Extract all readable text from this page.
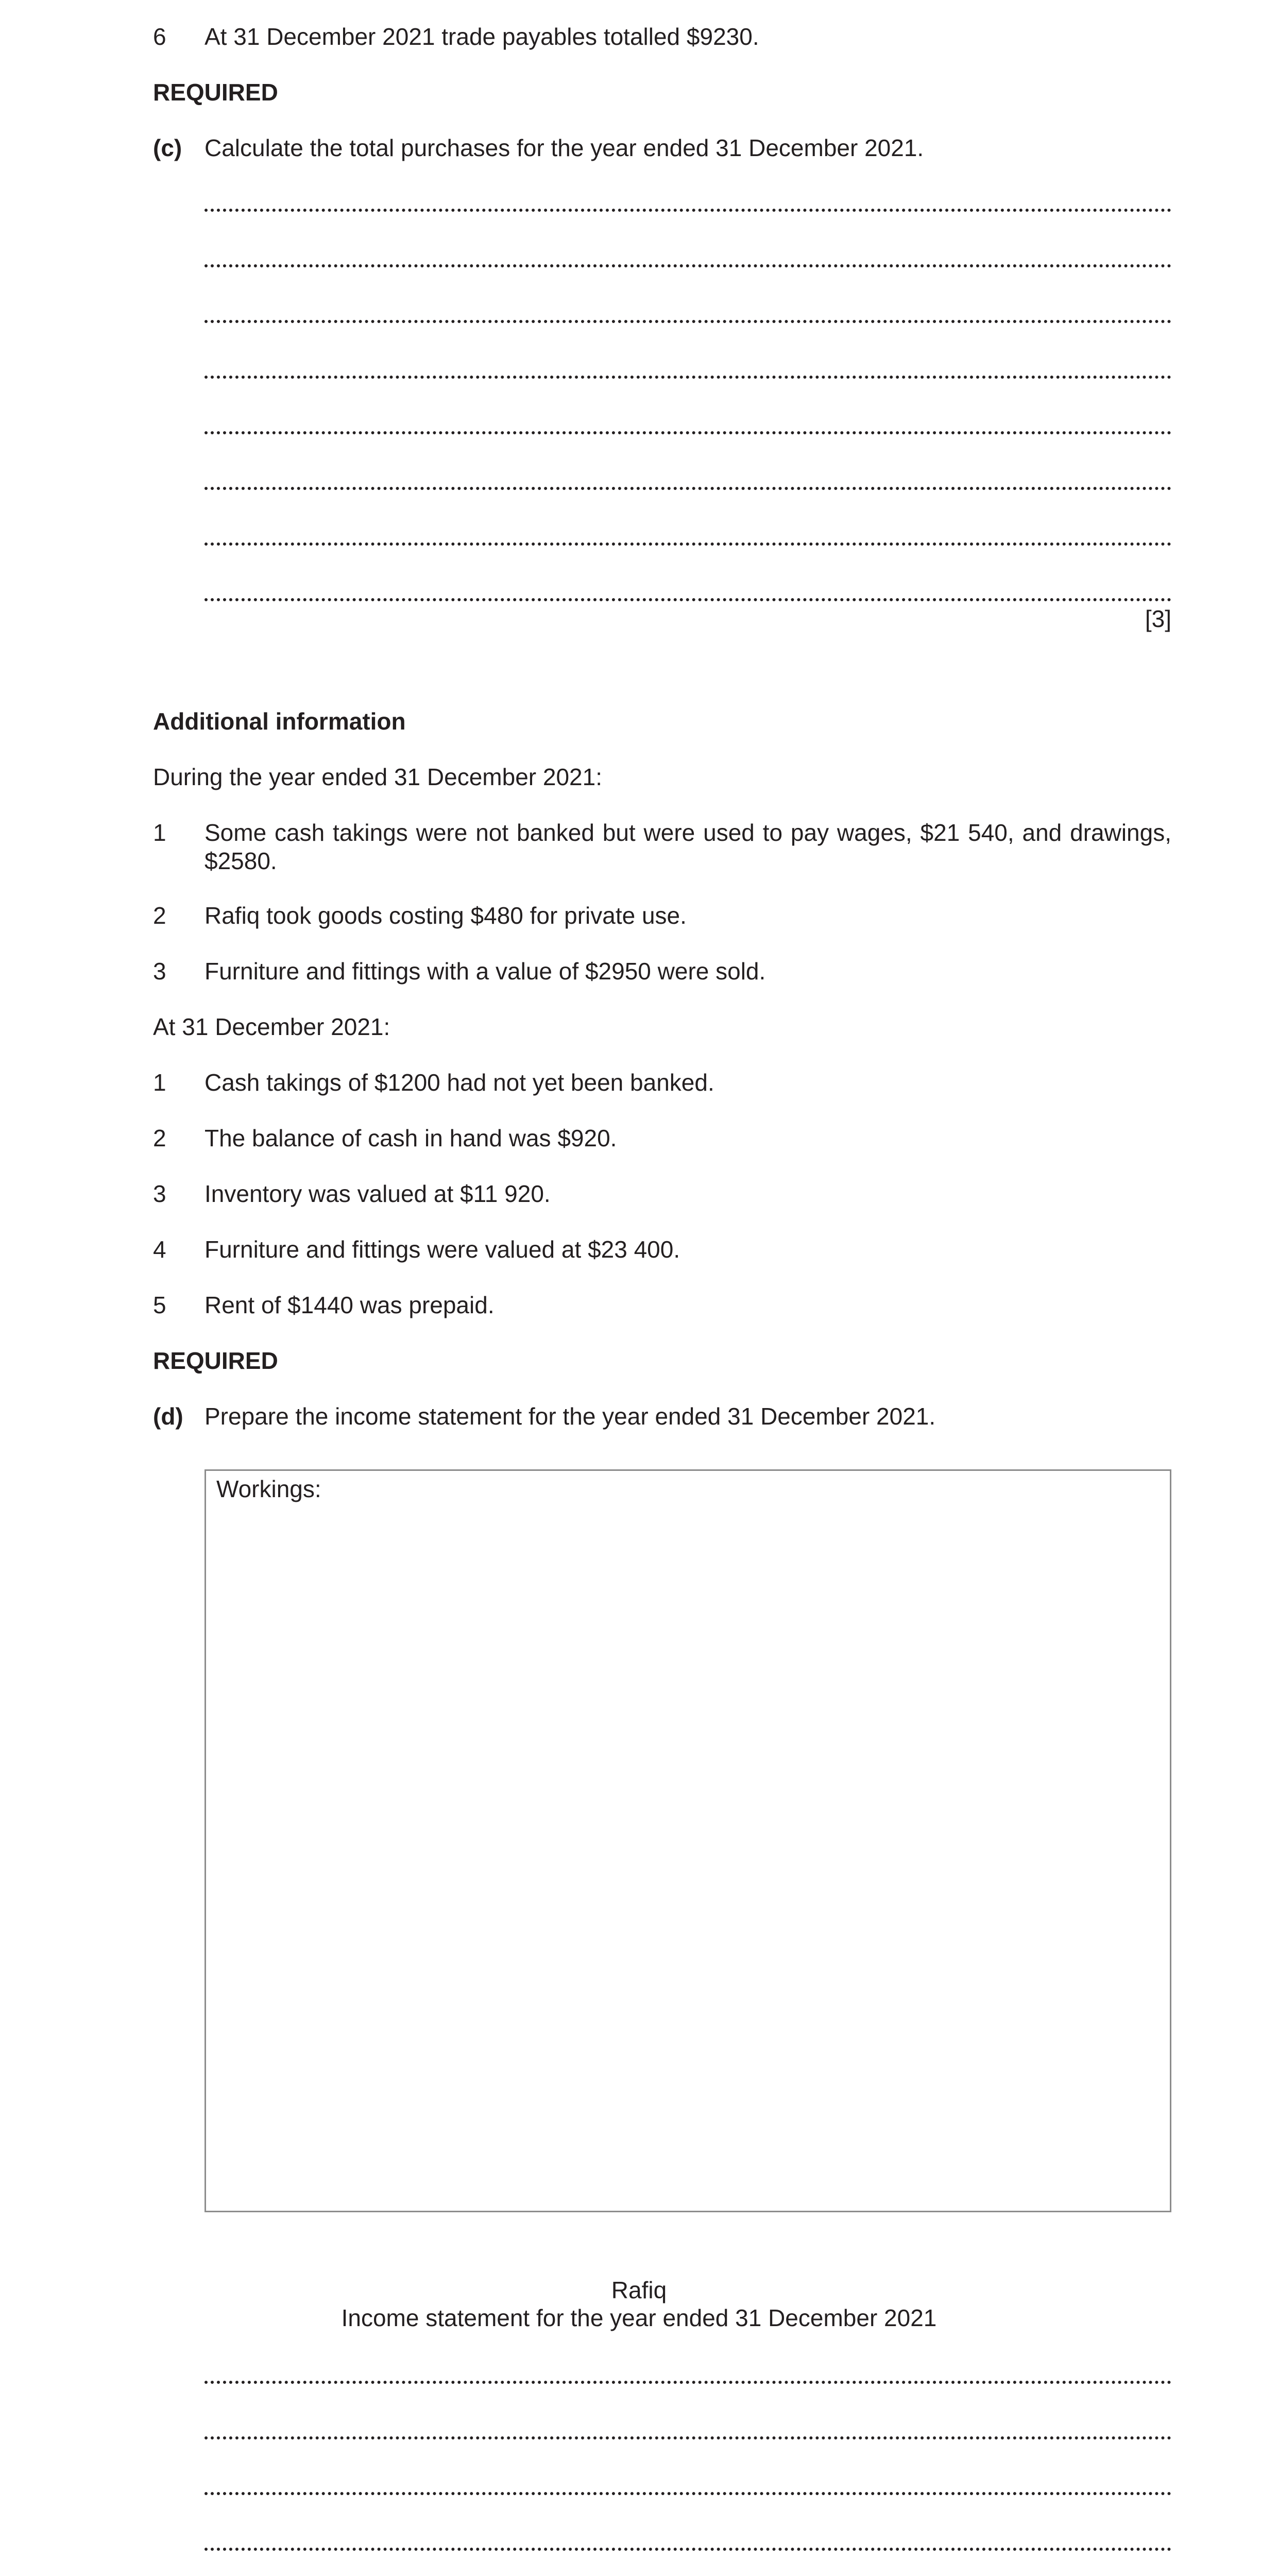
6 At 31 December 2021 trade payables totalled $9230.
REQUIRED
(c) Calculate the total purchases for the year ended 31 December 2021.
[3]
Additional information
During the year ended 31 December 2021:
1 Some cash takings were not banked but were used to pay wages, $21 540, and drawings, $2580.
2 Rafiq took goods costing $480 for private use.
3 Furniture and fittings with a value of $2950 were sold.
At 31 December 2021:
1 Cash takings of $1200 had not yet been banked.
2 The balance of cash in hand was $920.
3 Inventory was valued at $11 920.
4 Furniture and fittings were valued at $23 400.
5 Rent of $1440 was prepaid.
REQUIRED
(d) Prepare the income statement for the year ended 31 December 2021.
Workings:
Rafiq
Income statement for the year ended 31 December 2021
